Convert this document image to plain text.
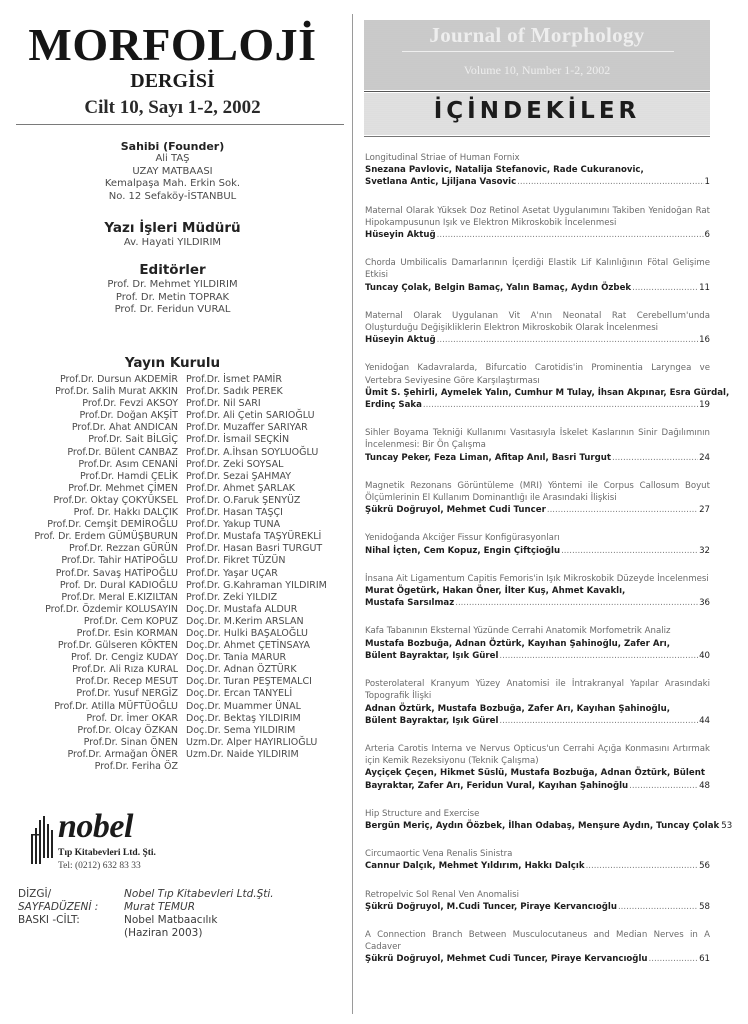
MORFOLOJİ
DERGİSİ
Cilt 10, Sayı 1-2, 2002
Sahibi (Founder)
Ali TAŞ
UZAY MATBAASI
Kemalpaşa Mah. Erkin Sok.
No. 12 Sefaköy-İSTANBUL
Yazı İşleri Müdürü
Av. Hayati YILDIRIM
Editörler
Prof. Dr. Mehmet YILDIRIM
Prof. Dr. Metin TOPRAK
Prof. Dr. Feridun VURAL
Yayın Kurulu
Prof.Dr. Dursun AKDEMİR
Prof.Dr. Salih Murat AKKIN
Prof.Dr. Fevzi AKSOY
Prof.Dr. Doğan AKŞİT
Prof.Dr. Ahat ANDICAN
Prof.Dr. Sait BİLGİÇ
Prof.Dr. Bülent CANBAZ
Prof.Dr. Asım CENANİ
Prof.Dr. Hamdi ÇELİK
Prof.Dr. Mehmet ÇİMEN
Prof.Dr. Oktay ÇOKYÜKSEL
Prof. Dr. Hakkı DALÇIK
Prof.Dr. Cemşit DEMİROĞLU
Prof. Dr. Erdem GÜMÜŞBURUN
Prof.Dr. Rezzan GÜRÜN
Prof.Dr. Tahir HATİPOĞLU
Prof.Dr. Savaş HATİPOĞLU
Prof. Dr. Dural KADIOĞLU
Prof.Dr. Meral E.KIZILTAN
Prof.Dr. Özdemir KOLUSAYIN
Prof.Dr. Cem KOPUZ
Prof.Dr. Esin KORMAN
Prof.Dr. Gülseren KÖKTEN
Prof. Dr. Cengiz KUDAY
Prof.Dr. Ali Rıza KURAL
Prof.Dr. Recep MESUT
Prof.Dr. Yusuf NERGİZ
Prof.Dr. Atilla MÜFTÜOĞLU
Prof. Dr. İmer OKAR
Prof.Dr. Olcay ÖZKAN
Prof.Dr. Sinan ÖNEN
Prof.Dr. Armağan ÖNER
Prof.Dr. Feriha ÖZ
Prof.Dr. İsmet PAMİR
Prof.Dr. Sadık PEREK
Prof.Dr. Nil SARI
Prof.Dr. Ali Çetin SARIOĞLU
Prof.Dr. Muzaffer SARIYAR
Prof.Dr. İsmail SEÇKİN
Prof.Dr. A.İhsan SOYLUOĞLU
Prof.Dr. Zeki SOYSAL
Prof.Dr. Sezai ŞAHMAY
Prof.Dr. Ahmet ŞARLAK
Prof.Dr. O.Faruk ŞENYÜZ
Prof.Dr. Hasan TAŞÇI
Prof.Dr. Yakup TUNA
Prof.Dr. Mustafa TAŞYÜREKLİ
Prof.Dr. Hasan Basri TURGUT
Prof.Dr. Fikret TÜZÜN
Prof.Dr. Yaşar UÇAR
Prof.Dr. G.Kahraman YILDIRIM
Prof.Dr. Zeki YILDIZ
Doç.Dr. Mustafa ALDUR
Doç.Dr. M.Kerim ARSLAN
Doç.Dr. Hulki BAŞALOĞLU
Doç.Dr. Ahmet ÇETİNSAYA
Doç.Dr. Tania MARUR
Doç.Dr. Adnan ÖZTÜRK
Doç.Dr. Turan PEŞTEMALCI
Doç.Dr. Ercan TANYELİ
Doç.Dr. Muammer ÜNAL
Doç.Dr. Bektaş YILDIRIM
Doç.Dr. Sema YILDIRIM
Uzm.Dr. Alper HAYIRLIOĞLU
Uzm.Dr. Naide YILDIRIM
nobel
Tıp Kitabevleri Ltd. Şti.
Tel: (0212) 632 83 33
DİZGİ/	Nobel Tıp Kitabevleri Ltd.Şti.
SAYFADÜZENİ : Murat TEMUR
BASKI -CİLT:	Nobel Matbaacılık
(Haziran 2003)
Journal of Morphology
Volume 10, Number 1-2, 2002
İÇİNDEKİLER
Longitudinal Striae of Human Fornix
Snezana Pavlovic, Natalija Stefanovic, Rade Cukuranovic,
Svetlana Antic, Ljiljana Vasovic .....	1
Maternal Olarak Yüksek Doz Retinol Asetat Uygulanımını Takiben Yenidoğan Rat Hipokampusunun Işık ve Elektron Mikroskobik İncelenmesi
Hüseyin Aktuğ .....	6
Chorda Umbilicalis Damarlarının İçerdiği Elastik Lif Kalınlığının Fötal Gelişime Etkisi
Tuncay Çolak, Belgin Bamaç, Yalın Bamaç, Aydın Özbek .....	11
Maternal Olarak Uygulanan Vit A'nın Neonatal Rat Cerebellum'unda Oluşturduğu Değişikliklerin Elektron Mikroskobik Olarak İncelenmesi
Hüseyin Aktuğ .....	16
Yenidoğan Kadavralarda, Bifurcatio Carotidis'in Prominentia Laryngea ve Vertebra Seviyesine Göre Karşılaştırması
Ümit S. Şehirli, Aymelek Yalın, Cumhur M Tulay, İhsan Akpınar, Esra Gürdal,
Erdinç Saka .....	19
Sihler Boyama Tekniği Kullanımı Vasıtasıyla İskelet Kaslarının Sinir Dağılımının İncelenmesi: Bir Ön Çalışma
Tuncay Peker, Feza Liman, Afitap Anıl, Basri Turgut .....	24
Magnetik Rezonans Görüntüleme (MRI) Yöntemi ile Corpus Callosum Boyut Ölçümlerinin El Kullanım Dominantlığı ile Arasındaki İlişkisi
Şükrü Doğruyol, Mehmet Cudi Tuncer .....	27
Yenidoğanda Akciğer Fissur Konfigürasyonları
Nihal İçten, Cem Kopuz, Engin Çiftçioğlu .....	32
İnsana Ait Ligamentum Capitis Femoris'in Işık Mikroskobik Düzeyde İncelenmesi
Murat Ögetürk, Hakan Öner, İlter Kuş, Ahmet Kavaklı,
Mustafa Sarsılmaz .....	36
Kafa Tabanının Eksternal Yüzünde Cerrahi Anatomik Morfometrik Analiz
Mustafa Bozbuğa, Adnan Öztürk, Kayıhan Şahinoğlu, Zafer Arı,
Bülent Bayraktar, Işık Gürel .....	40
Posterolateral Kranyum Yüzey Anatomisi ile İntrakranyal Yapılar Arasındaki Topografik İlişki
Adnan Öztürk, Mustafa Bozbuğa, Zafer Arı, Kayıhan Şahinoğlu,
Bülent Bayraktar, Işık Gürel .....	44
Arteria Carotis Interna ve Nervus Opticus'un Cerrahi Açığa Konmasını Artırmak için Kemik Rezeksiyonu (Teknik Çalışma)
Ayçiçek Çeçen, Hikmet Süslü, Mustafa Bozbuğa, Adnan Öztürk, Bülent
Bayraktar, Zafer Arı, Feridun Vural, Kayıhan Şahinoğlu .....	48
Hip Structure and Exercise
Bergün Meriç, Aydın Öözbek, İlhan Odabaş, Menşure Aydın, Tuncay Çolak 53
Circumaortic Vena Renalis Sinistra
Cannur Dalçık, Mehmet Yıldırım, Hakkı Dalçık .....	56
Retropelvic Sol Renal Ven Anomalisi
Şükrü Doğruyol, M.Cudi Tuncer, Piraye Kervancıoğlu .....	58
A Connection Branch Between Musculocutaneus and Median Nerves in A Cadaver
Şükrü Doğruyol, Mehmet Cudi Tuncer, Piraye Kervancıoğlu .....	61
